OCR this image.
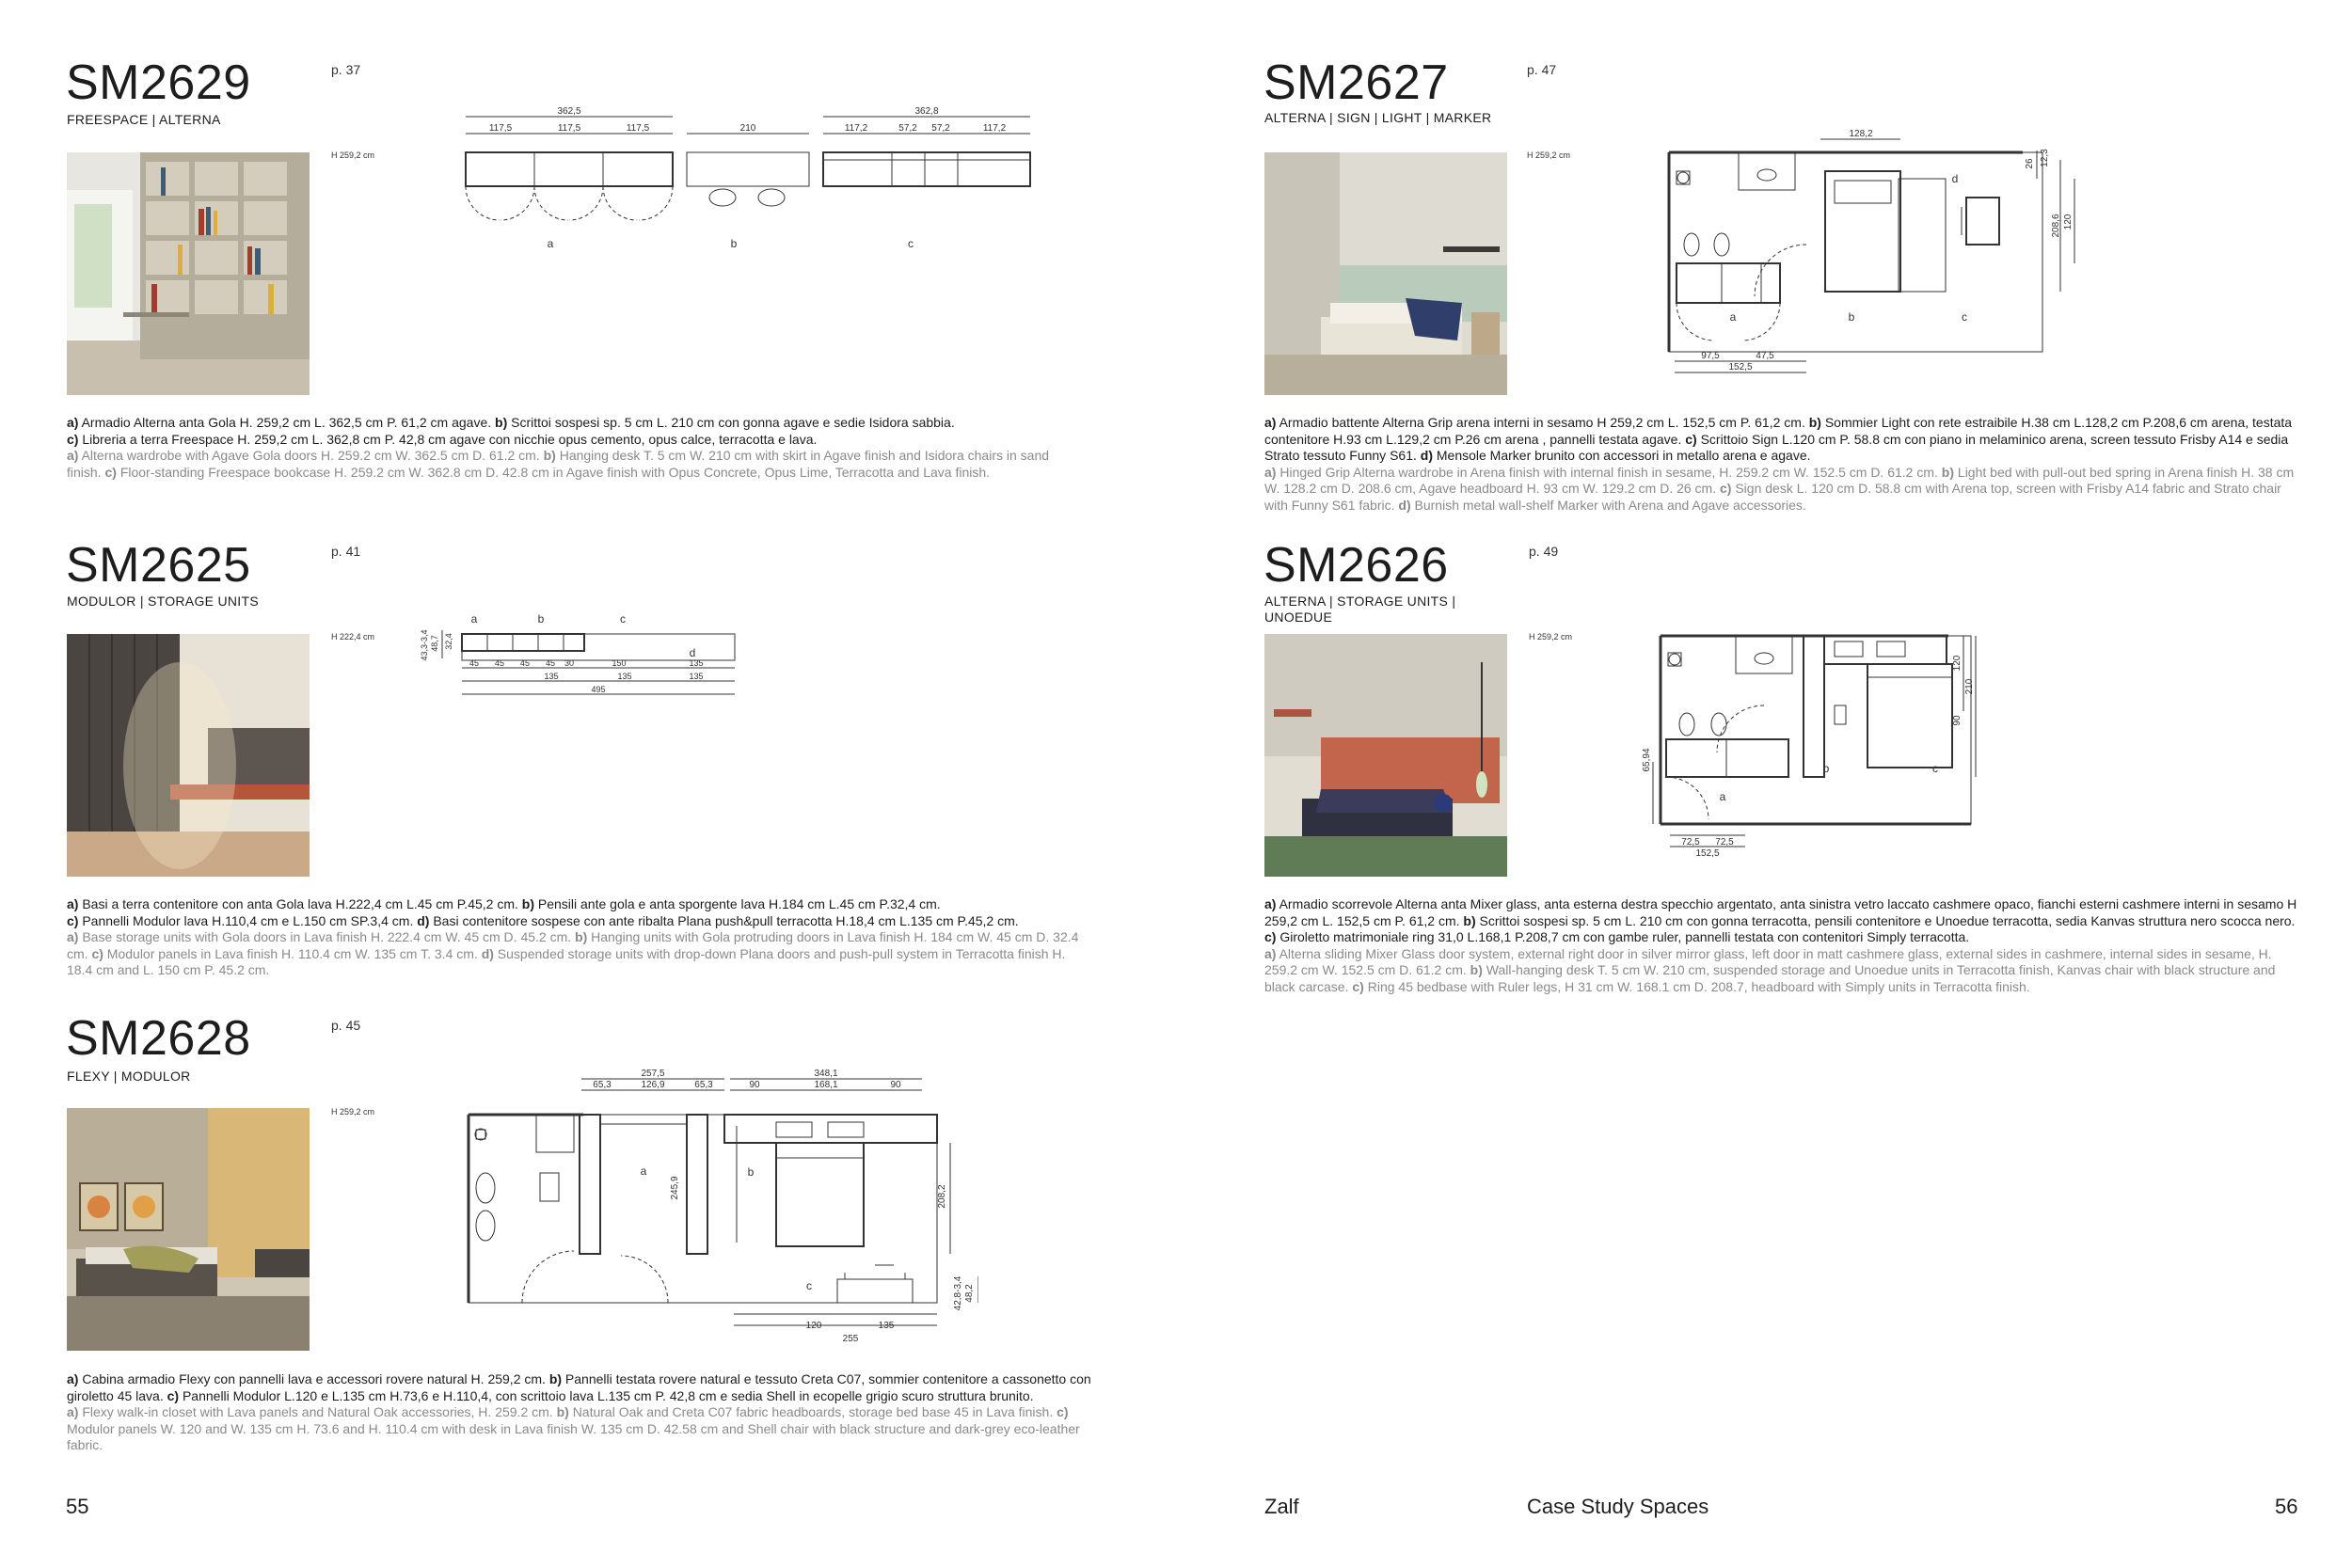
SM2629	p. 37
FREESPACE | ALTERNA
H 259,2 cm
362,5
117,5	117,5	117,5	210
362,8
117,2	57,2 57,2	117,2
a	b	c
a) Armadio Alterna anta Gola H. 259,2 cm L. 362,5 cm P. 61,2 cm agave. b) Scrittoi sospesi sp. 5 cm L. 210 cm con gonna agave e sedie Isidora sabbia.
c) Libreria a terra Freespace H. 259,2 cm L. 362,8 cm P. 42,8 cm agave con nicchie opus cemento, opus calce, terracotta e lava.
a) Alterna wardrobe with Agave Gola doors H. 259.2 cm W. 362.5 cm D. 61.2 cm. b) Hanging desk T. 5 cm W. 210 cm with skirt in Agave finish and Isidora chairs in sand finish. c) Floor-standing Freespace bookcase H. 259.2 cm W. 362.8 cm D. 42.8 cm in Agave finish with Opus Concrete, Opus Lime, Terracotta and Lava finish.
SM2625	p. 41
MODULOR | STORAGE UNITS
H 222,4 cm	43,3-3,4 48,7 32,4
45 45 45 45 30	150	135
135	135	135
495
a	b	c
d
a) Basi a terra contenitore con anta Gola lava H.222,4 cm L.45 cm P.45,2 cm. b) Pensili ante gola e anta sporgente lava H.184 cm L.45 cm P.32,4 cm.
c) Pannelli Modulor lava H.110,4 cm e L.150 cm SP.3,4 cm. d) Basi contenitore sospese con ante ribalta Plana push&pull terracotta H.18,4 cm L.135 cm P.45,2 cm.
a) Base storage units with Gola doors in Lava finish H. 222.4 cm W. 45 cm D. 45.2 cm. b) Hanging units with Gola protruding doors in Lava finish H. 184 cm W. 45 cm D. 32.4 cm. c) Modulor panels in Lava finish H. 110.4 cm W. 135 cm T. 3.4 cm. d) Suspended storage units with drop-down Plana doors and push-pull system in Terracotta finish H. 18.4 cm and L. 150 cm P. 45.2 cm.
SM2628	p. 45
FLEXY | MODULOR
H 259,2 cm
257,5
65,3	126,9	65,3
348,1
90	168,1	90
245,9	208,2
120	135
255
42,8-3,4 48,2
a	b
c
a) Cabina armadio Flexy con pannelli lava e accessori rovere natural H. 259,2 cm. b) Pannelli testata rovere natural e tessuto Creta C07, sommier contenitore a cassonetto con giroletto 45 lava. c) Pannelli Modulor L.120 e L.135 cm H.73,6 e H.110,4, con scrittoio lava L.135 cm P. 42,8 cm e sedia Shell in ecopelle grigio scuro struttura brunito.
a) Flexy walk-in closet with Lava panels and Natural Oak accessories, H. 259.2 cm. b) Natural Oak and Creta C07 fabric headboards, storage bed base 45 in Lava finish. c) Modulor panels W. 120 and W. 135 cm H. 73.6 and H. 110.4 cm with desk in Lava finish W. 135 cm D. 42.58 cm and Shell chair with black structure and dark-grey eco-leather fabric.
SM2627	p. 47
ALTERNA | SIGN | LIGHT | MARKER
H 259,2 cm
128,2
26 12,3
208,6 120
97,5	47,5
152,5
a	b	c
d
a) Armadio battente Alterna Grip arena interni in sesamo H 259,2 cm L. 152,5 cm P. 61,2 cm. b) Sommier Light con rete estraibile H.38 cm L.128,2 cm P.208,6 cm arena, testata contenitore H.93 cm L.129,2 cm P.26 cm arena , pannelli testata agave. c) Scrittoio Sign L.120 cm P. 58.8 cm con piano in melaminico arena, screen tessuto Frisby A14 e sedia Strato tessuto Funny S61. d) Mensole Marker brunito con accessori in metallo arena e agave.
a) Hinged Grip Alterna wardrobe in Arena finish with internal finish in sesame, H. 259.2 cm W. 152.5 cm D. 61.2 cm. b) Light bed with pull-out bed spring in Arena finish H. 38 cm W. 128.2 cm D. 208.6 cm, Agave headboard H. 93 cm W. 129.2 cm D. 26 cm. c) Sign desk L. 120 cm D. 58.8 cm with Arena top, screen with Frisby A14 fabric and Strato chair with Funny S61 fabric. d) Burnish metal wall-shelf Marker with Arena and Agave accessories.
SM2626	p. 49
ALTERNA | STORAGE UNITS | UNOEDUE
H 259,2 cm
120
210
90
65,94
72,5 72,5
152,5
a
b	c
a) Armadio scorrevole Alterna anta Mixer glass, anta esterna destra specchio argentato, anta sinistra vetro laccato cashmere opaco, fianchi esterni cashmere interni in sesamo H 259,2 cm L. 152,5 cm P. 61,2 cm. b) Scrittoi sospesi sp. 5 cm L. 210 cm con gonna terracotta, pensili contenitore e Unoedue terracotta, sedia Kanvas struttura nero scocca nero. c) Giroletto matrimoniale ring 31,0 L.168,1 P.208,7 cm con gambe ruler, pannelli testata con contenitori Simply terracotta.
a) Alterna sliding Mixer Glass door system, external right door in silver mirror glass, left door in matt cashmere glass, external sides in cashmere, internal sides in sesame, H. 259.2 cm W. 152.5 cm D. 61.2 cm. b) Wall-hanging desk T. 5 cm W. 210 cm, suspended storage and Unoedue units in Terracotta finish, Kanvas chair with black structure and black carcase. c) Ring 45 bedbase with Ruler legs, H 31 cm W. 168.1 cm D. 208.7, headboard with Simply units in Terracotta finish.
55	Zalf	Case Study Spaces	56
